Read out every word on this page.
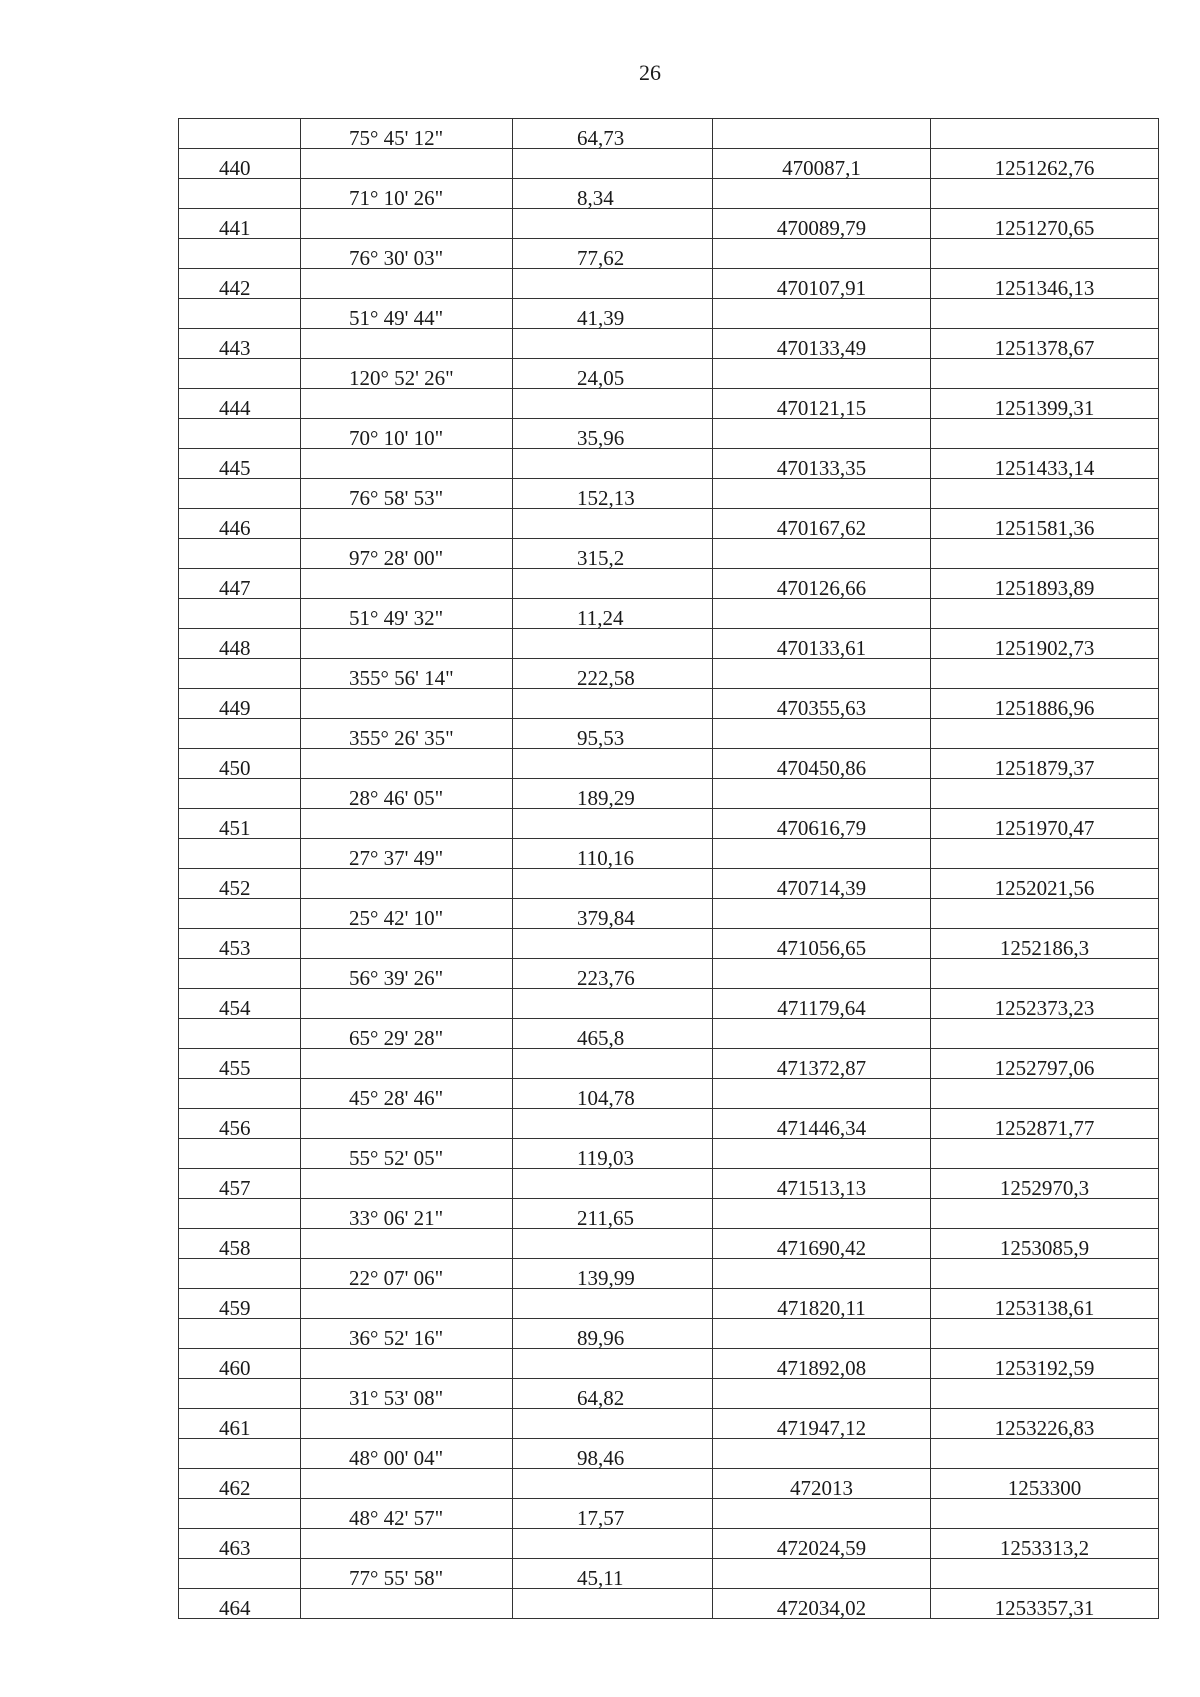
26
	75° 45' 12"	64,73		
440			470087,1	1251262,76
	71° 10' 26"	8,34		
441			470089,79	1251270,65
	76° 30' 03"	77,62		
442			470107,91	1251346,13
	51° 49' 44"	41,39		
443			470133,49	1251378,67
	120° 52' 26"	24,05		
444			470121,15	1251399,31
	70° 10' 10"	35,96		
445			470133,35	1251433,14
	76° 58' 53"	152,13		
446			470167,62	1251581,36
	97° 28' 00"	315,2		
447			470126,66	1251893,89
	51° 49' 32"	11,24		
448			470133,61	1251902,73
	355° 56' 14"	222,58		
449			470355,63	1251886,96
	355° 26' 35"	95,53		
450			470450,86	1251879,37
	28° 46' 05"	189,29		
451			470616,79	1251970,47
	27° 37' 49"	110,16		
452			470714,39	1252021,56
	25° 42' 10"	379,84		
453			471056,65	1252186,3
	56° 39' 26"	223,76		
454			471179,64	1252373,23
	65° 29' 28"	465,8		
455			471372,87	1252797,06
	45° 28' 46"	104,78		
456			471446,34	1252871,77
	55° 52' 05"	119,03		
457			471513,13	1252970,3
	33° 06' 21"	211,65		
458			471690,42	1253085,9
	22° 07' 06"	139,99		
459			471820,11	1253138,61
	36° 52' 16"	89,96		
460			471892,08	1253192,59
	31° 53' 08"	64,82		
461			471947,12	1253226,83
	48° 00' 04"	98,46		
462			472013	1253300
	48° 42' 57"	17,57		
463			472024,59	1253313,2
	77° 55' 58"	45,11		
464			472034,02	1253357,31
